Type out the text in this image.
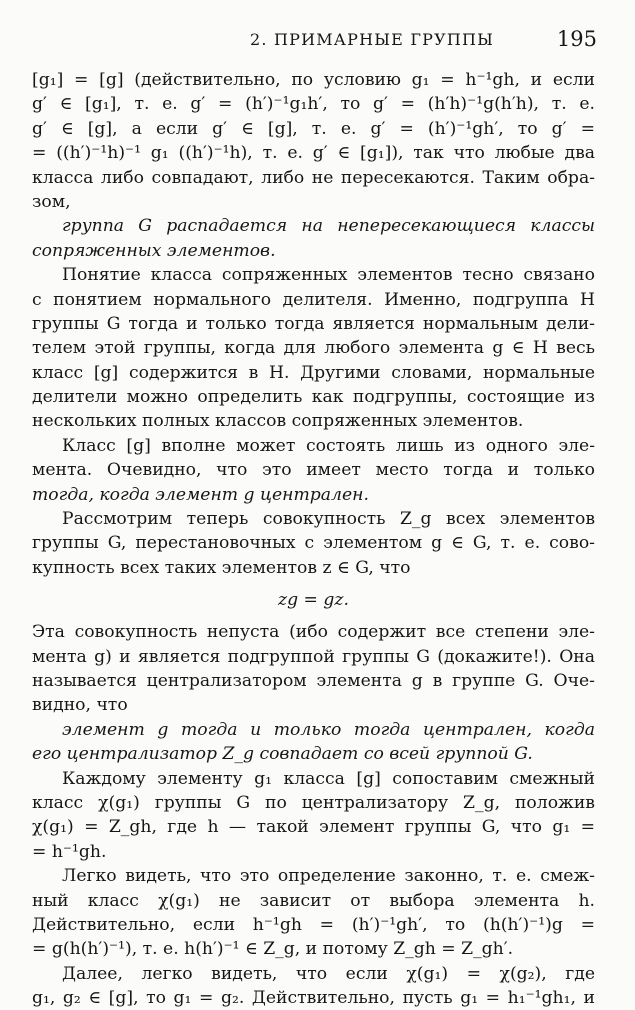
2. ПРИМАРНЫЕ ГРУППЫ	195
[g₁] = [g] (действительно, по условию g₁ = h⁻¹gh, и если
g′ ∈ [g₁], т. е. g′ = (h′)⁻¹g₁h′, то g′ = (h′h)⁻¹g(h′h), т. е.
g′ ∈ [g], а если g′ ∈ [g], т. е. g′ = (h′)⁻¹gh′, то g′ =
= ((h′)⁻¹h)⁻¹ g₁ ((h′)⁻¹h), т. е. g′ ∈ [g₁]), так что любые два
класса либо совпадают, либо не пересекаются. Таким обра-
зом,
группа G распадается на непересекающиеся классы
сопряженных элементов.
Понятие класса сопряженных элементов тесно связано
с понятием нормального делителя. Именно, подгруппа H
группы G тогда и только тогда является нормальным дели-
телем этой группы, когда для любого элемента g ∈ H весь
класс [g] содержится в H. Другими словами, нормальные
делители можно определить как подгруппы, состоящие из
нескольких полных классов сопряженных элементов.
Класс [g] вполне может состоять лишь из одного эле-
мента. Очевидно, что это имеет место тогда и только
тогда, когда элемент g централен.
Рассмотрим теперь совокупность Z_g всех элементов
группы G, перестановочных с элементом g ∈ G, т. е. сово-
купность всех таких элементов z ∈ G, что
zg = gz.
Эта совокупность непуста (ибо содержит все степени эле-
мента g) и является подгруппой группы G (докажите!). Она
называется централизатором элемента g в группе G. Оче-
видно, что
элемент g тогда и только тогда централен, когда
его централизатор Z_g совпадает со всей группой G.
Каждому элементу g₁ класса [g] сопоставим смежный
класс χ(g₁) группы G по централизатору Z_g, положив
χ(g₁) = Z_gh, где h — такой элемент группы G, что g₁ =
= h⁻¹gh.
Легко видеть, что это определение законно, т. е. смеж-
ный класс χ(g₁) не зависит от выбора элемента h.
Действительно, если h⁻¹gh = (h′)⁻¹gh′, то (h(h′)⁻¹)g =
= g(h(h′)⁻¹), т. е. h(h′)⁻¹ ∈ Z_g, и потому Z_gh = Z_gh′.
Далее, легко видеть, что если χ(g₁) = χ(g₂), где
g₁, g₂ ∈ [g], то g₁ = g₂. Действительно, пусть g₁ = h₁⁻¹gh₁, и
